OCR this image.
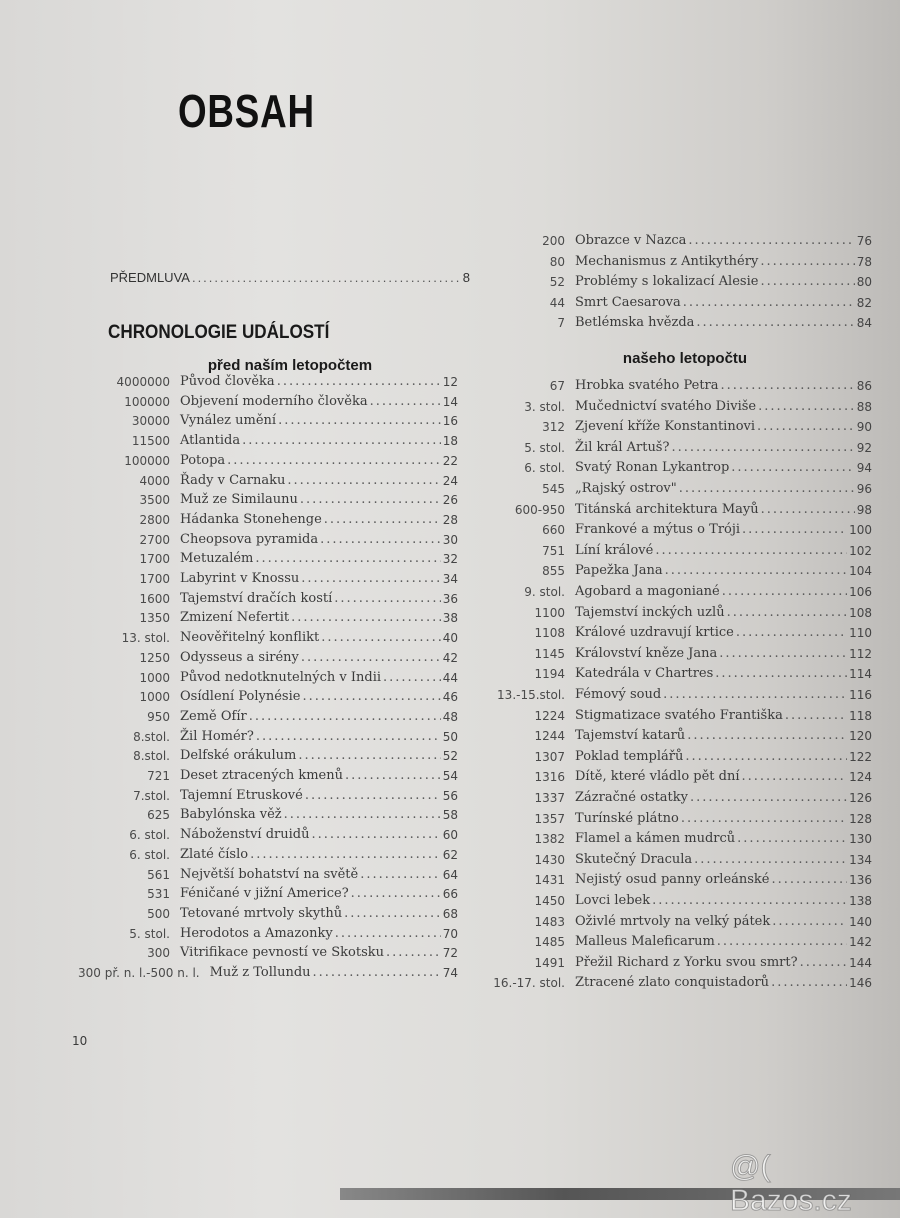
OBSAH
PŘEDMLUVA .....	8
CHRONOLOGIE UDÁLOSTÍ
před naším letopočtem	našeho letopočtu
4000000 Původ člověka .....	12
100000 Objevení moderního člověka .....	14
30000 Vynález umění .....	16
11500 Atlantida .....	18
100000 Potopa .....	22
4000 Řady v Carnaku .....	24
3500 Muž ze Similaunu .....	26
2800 Hádanka Stonehenge .....	28
2700 Cheopsova pyramida .....	30
1700 Metuzalém .....	32
1700 Labyrint v Knossu .....	34
1600 Tajemství dračích kostí .....	36
1350 Zmizení Nefertit .....	38
13. stol. Neověřitelný konflikt .....	40
1250 Odysseus a sirény .....	42
1000 Původ nedotknutelných v Indii .....	44
1000 Osídlení Polynésie .....	46
950 Země Ofír .....	48
8.stol. Žil Homér? .....	50
8.stol. Delfské orákulum .....	52
721 Deset ztracených kmenů .....	54
7.stol. Tajemní Etruskové .....	56
625 Babylónska věž .....	58
6. stol. Náboženství druidů .....	60
6. stol. Zlaté číslo .....	62
561 Největší bohatství na světě .....	64
531 Féničané v jižní Americe? .....	66
500 Tetované mrtvoly skythů .....	68
5. stol. Herodotos a Amazonky .....	70
300 Vitrifikace pevností ve Skotsku .....	72
300 př. n. l.-500 n. l. Muž z Tollundu .....	74
200 Obrazce v Nazca .....	76
80 Mechanismus z Antikythéry .....	78
52 Problémy s lokalizací Alesie .....	80
44 Smrt Caesarova .....	82
7 Betlémska hvězda .....	84
67 Hrobka svatého Petra .....	86
3. stol. Mučednictví svatého Diviše .....	88
312 Zjevení kříže Konstantinovi .....	90
5. stol. Žil král Artuš? .....	92
6. stol. Svatý Ronan Lykantrop .....	94
545 „Rajský ostrov" .....	96
600-950 Titánská architektura Mayů .....	98
660 Frankové a mýtus o Tróji .....	100
751 Líní králové .....	102
855 Papežka Jana .....	104
9. stol. Agobard a magoniané .....	106
1100 Tajemství inckých uzlů .....	108
1108 Králové uzdravují krtice .....	110
1145 Království kněze Jana .....	112
1194 Katedrála v Chartres .....	114
13.-15.stol. Fémový soud .....	116
1224 Stigmatizace svatého Františka .....	118
1244 Tajemství katarů .....	120
1307 Poklad templářů .....	122
1316 Dítě, které vládlo pět dní .....	124
1337 Zázračné ostatky .....	126
1357 Turínské plátno .....	128
1382 Flamel a kámen mudrců .....	130
1430 Skutečný Dracula .....	134
1431 Nejistý osud panny orleánské .....	136
1450 Lovci lebek .....	138
1483 Oživlé mrtvoly na velký pátek .....	140
1485 Malleus Maleficarum .....	142
1491 Přežil Richard z Yorku svou smrt? .....	144
16.-17. stol. Ztracené zlato conquistadorů .....	146
10
@( Bazos.cz
